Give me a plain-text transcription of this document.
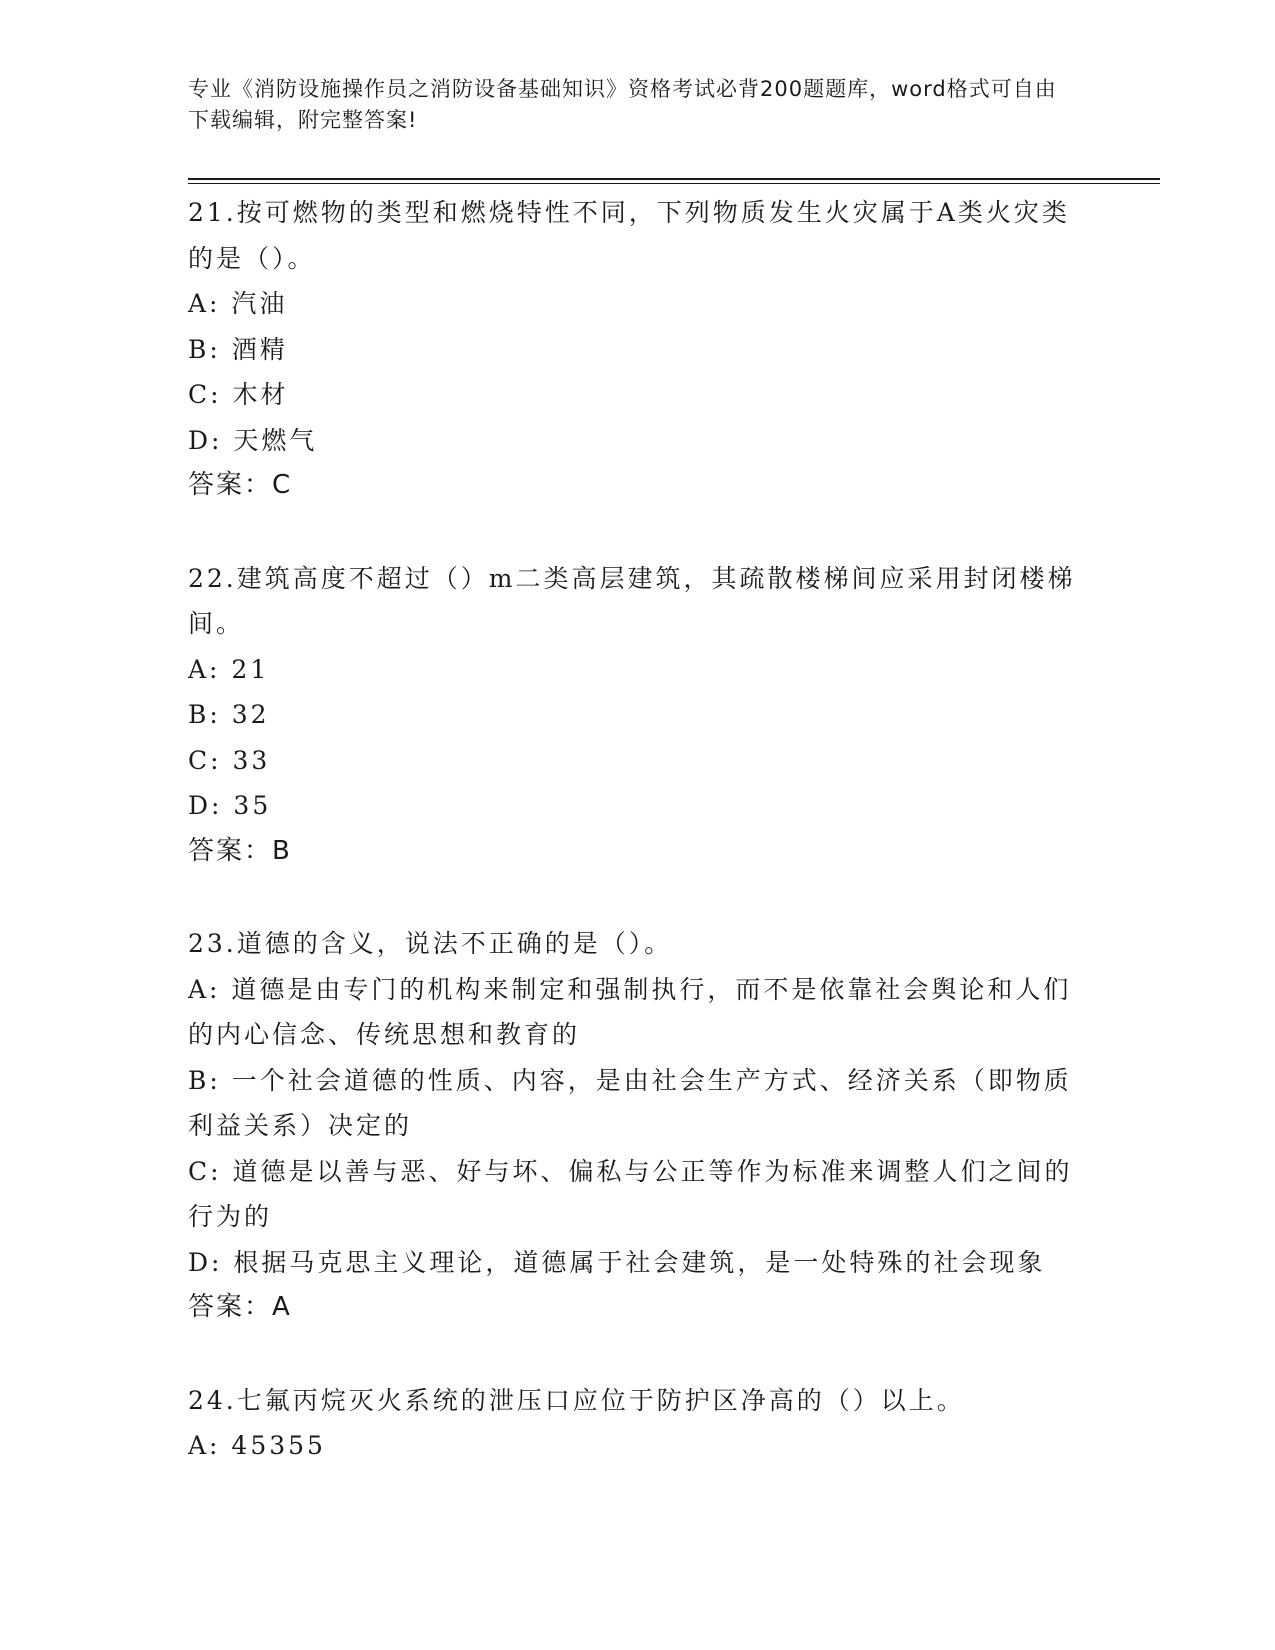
专业《消防设施操作员之消防设备基础知识》资格考试必背200题题库，word格式可自由下载编辑，附完整答案!
21.按可燃物的类型和燃烧特性不同，下列物质发生火灾属于A类火灾类的是（）。
A: 汽油
B: 酒精
C: 木材
D: 天燃气
答案：C
22.建筑高度不超过（）m二类高层建筑，其疏散楼梯间应采用封闭楼梯间。
A: 21
B: 32
C: 33
D: 35
答案：B
23.道德的含义，说法不正确的是（）。
A: 道德是由专门的机构来制定和强制执行，而不是依靠社会舆论和人们的内心信念、传统思想和教育的
B: 一个社会道德的性质、内容，是由社会生产方式、经济关系（即物质利益关系）决定的
C: 道德是以善与恶、好与坏、偏私与公正等作为标准来调整人们之间的行为的
D: 根据马克思主义理论，道德属于社会建筑，是一处特殊的社会现象
答案：A
24.七氟丙烷灭火系统的泄压口应位于防护区净高的（）以上。
A: 45355
